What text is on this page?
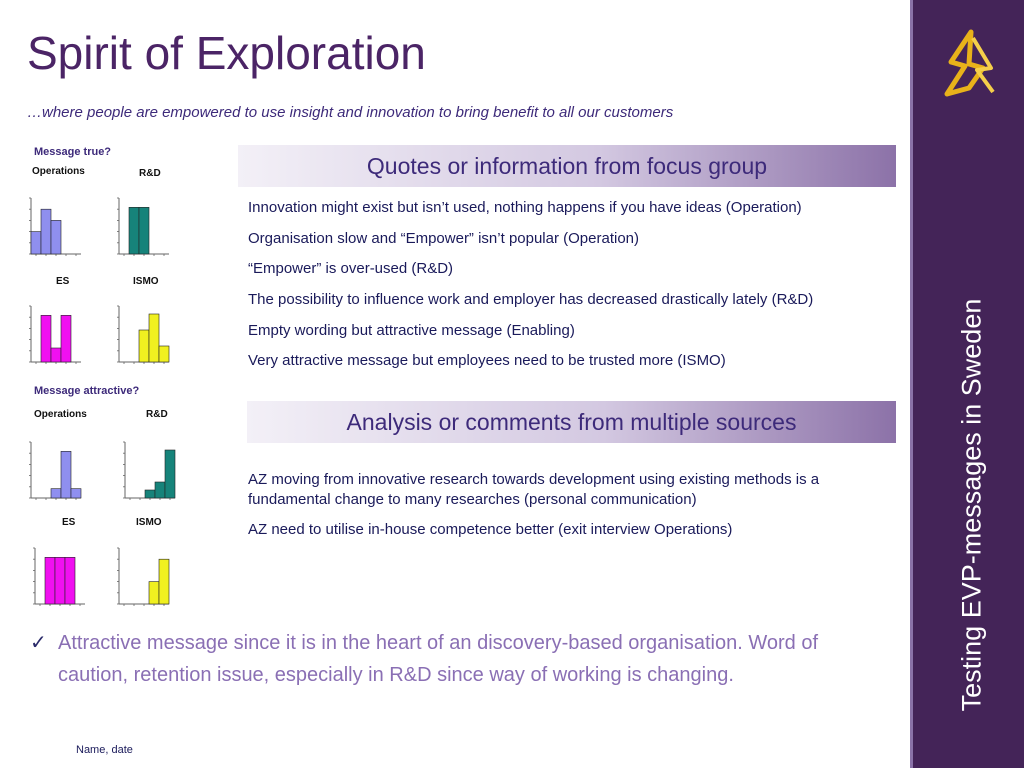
Spirit of Exploration
…where people are empowered to use insight and innovation to bring benefit to all our customers
Testing EVP-messages in Sweden
Message true?
Operations	R&D
ES	ISMO
Message attractive?
Operations	R&D
ES	ISMO
Quotes or information from focus group
Innovation might exist but isn’t used, nothing happens if you have ideas (Operation)
Organisation slow and “Empower” isn’t popular (Operation)
“Empower” is over-used (R&D)
The possibility to influence work and employer has decreased drastically lately (R&D)
Empty wording but attractive message (Enabling)
Very attractive message but employees need to be trusted more (ISMO)
Analysis or comments from multiple sources
AZ moving from innovative research towards development using existing methods is a fundamental change to many researches (personal communication)
AZ need to utilise in-house competence better (exit interview Operations)
✓ Attractive message since it is in the heart of an discovery-based organisation. Word of caution, retention issue, especially in R&D since way of working is changing.
Name, date
